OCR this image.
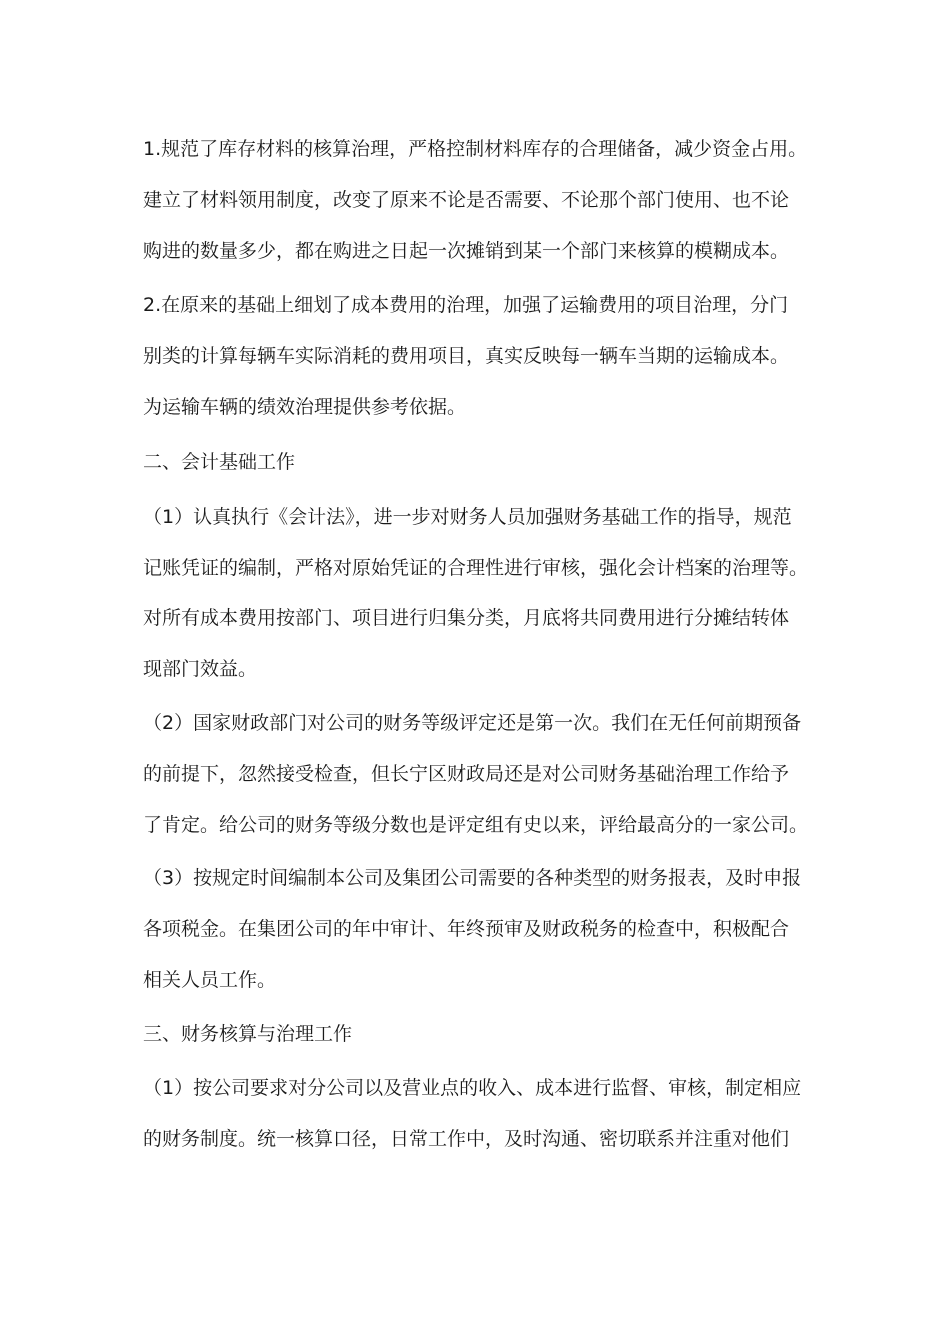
1.规范了库存材料的核算治理，严格控制材料库存的合理储备，减少资金占用。
建立了材料领用制度，改变了原来不论是否需要、不论那个部门使用、也不论
购进的数量多少，都在购进之日起一次摊销到某一个部门来核算的模糊成本。
2.在原来的基础上细划了成本费用的治理，加强了运输费用的项目治理，分门
别类的计算每辆车实际消耗的费用项目，真实反映每一辆车当期的运输成本。
为运输车辆的绩效治理提供参考依据。
二、会计基础工作
（1）认真执行《会计法》，进一步对财务人员加强财务基础工作的指导，规范
记账凭证的编制，严格对原始凭证的合理性进行审核，强化会计档案的治理等。
对所有成本费用按部门、项目进行归集分类，月底将共同费用进行分摊结转体
现部门效益。
（2）国家财政部门对公司的财务等级评定还是第一次。我们在无任何前期预备
的前提下，忽然接受检查，但长宁区财政局还是对公司财务基础治理工作给予
了肯定。给公司的财务等级分数也是评定组有史以来，评给最高分的一家公司。
（3）按规定时间编制本公司及集团公司需要的各种类型的财务报表，及时申报
各项税金。在集团公司的年中审计、年终预审及财政税务的检查中，积极配合
相关人员工作。
三、财务核算与治理工作
（1）按公司要求对分公司以及营业点的收入、成本进行监督、审核，制定相应
的财务制度。统一核算口径，日常工作中，及时沟通、密切联系并注重对他们
